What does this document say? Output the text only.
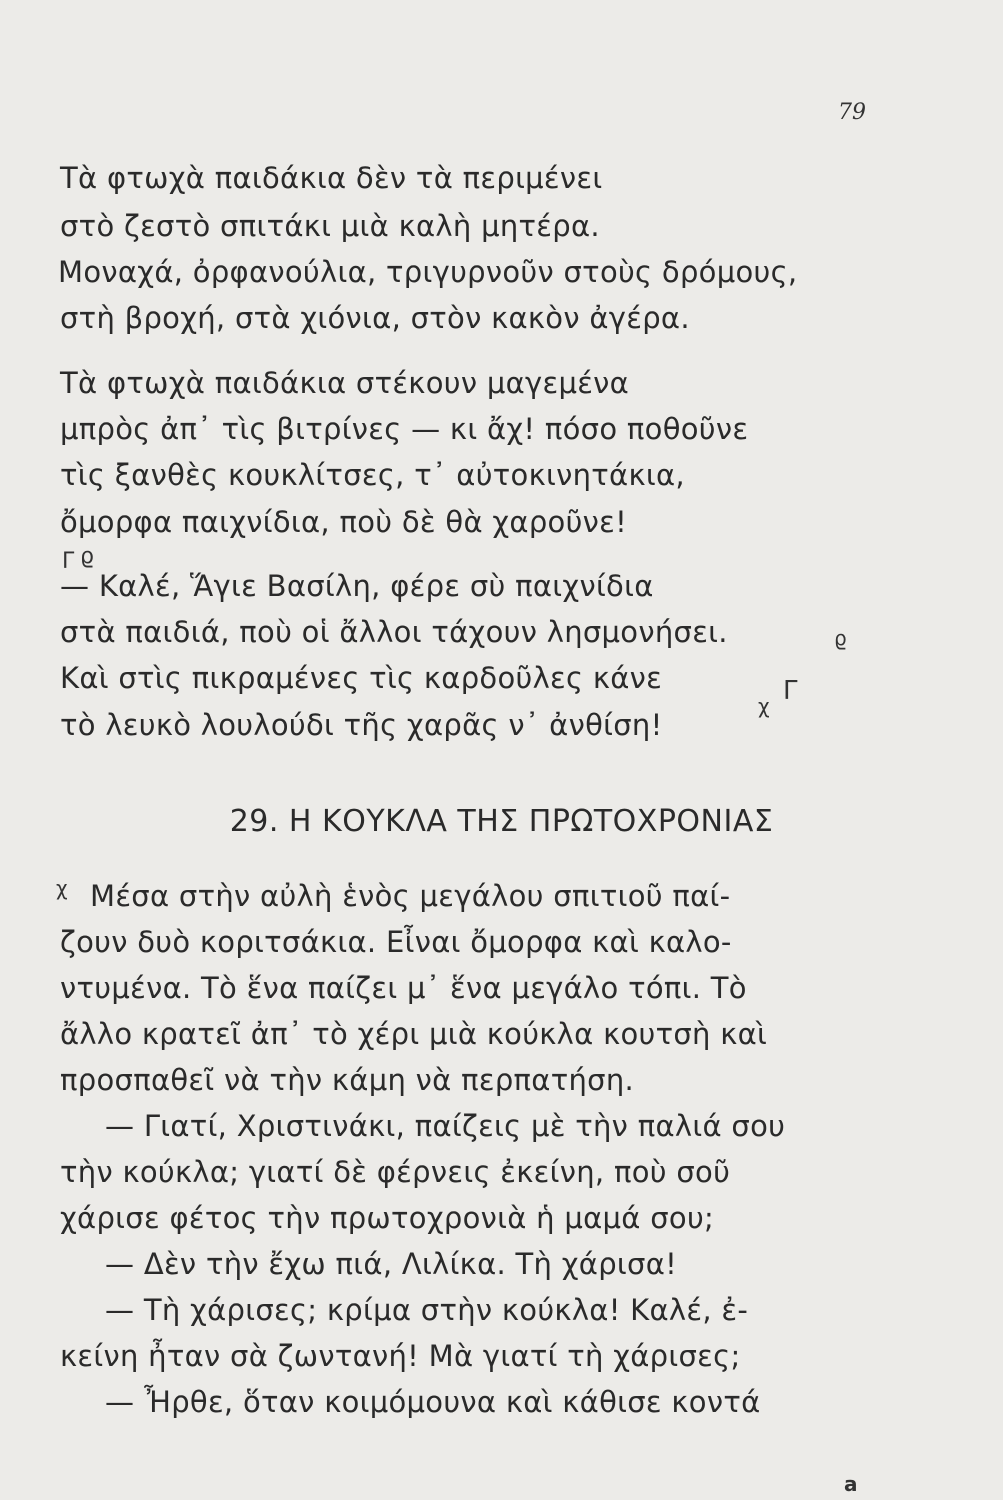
79
Τὰ φτωχὰ παιδάκια δὲν τὰ περιμένει
στὸ ζεστὸ σπιτάκι μιὰ καλὴ μητέρα.
Μοναχά, ὀρφανούλια, τριγυρνοῦν στοὺς δρόμους,
στὴ βροχή, στὰ χιόνια, στὸν κακὸν ἀγέρα.
Τὰ φτωχὰ παιδάκια στέκουν μαγεμένα
μπρὸς ἀπ᾽ τὶς βιτρίνες — κι ἄχ! πόσο ποθοῦνε
τὶς ξανθὲς κουκλίτσες, τ᾽ αὐτοκινητάκια,
ὄμορφα παιχνίδια, ποὺ δὲ θὰ χαροῦνε!
— Καλέ, Ἅγιε Βασίλη, φέρε σὺ παιχνίδια
στὰ παιδιά, ποὺ οἱ ἄλλοι τάχουν λησμονήσει.
Καὶ στὶς πικραμένες τὶς καρδοῦλες κάνε
τὸ λευκὸ λουλούδι τῆς χαρᾶς ν᾽ ἀνθίση!
29. Η ΚΟΥΚΛΑ ΤΗΣ ΠΡΩΤΟΧΡΟΝΙΑΣ
Μέσα στὴν αὐλὴ ἑνὸς μεγάλου σπιτιοῦ παί-
ζουν δυὸ κοριτσάκια. Εἶναι ὄμορφα καὶ καλο-
ντυμένα. Τὸ ἕνα παίζει μ᾽ ἕνα μεγάλο τόπι. Τὸ
ἄλλο κρατεῖ ἀπ᾽ τὸ χέρι μιὰ κούκλα κουτσὴ καὶ
προσπαθεῖ νὰ τὴν κάμη νὰ περπατήση.
— Γιατί, Χριστινάκι, παίζεις μὲ τὴν παλιά σου
τὴν κούκλα; γιατί δὲ φέρνεις ἐκείνη, ποὺ σοῦ
χάρισε φέτος τὴν πρωτοχρονιὰ ἡ μαμά σου;
— Δὲν τὴν ἔχω πιά, Λιλίκα. Τὴ χάρισα!
— Τὴ χάρισες; κρίμα στὴν κούκλα! Καλέ, ἐ-
κείνη ἦταν σὰ ζωντανή! Μὰ γιατί τὴ χάρισες;
— Ἦρθε, ὅταν κοιμόμουνα καὶ κάθισε κοντά
Γ ϱ
ϱ
χ Γ
χ
a
